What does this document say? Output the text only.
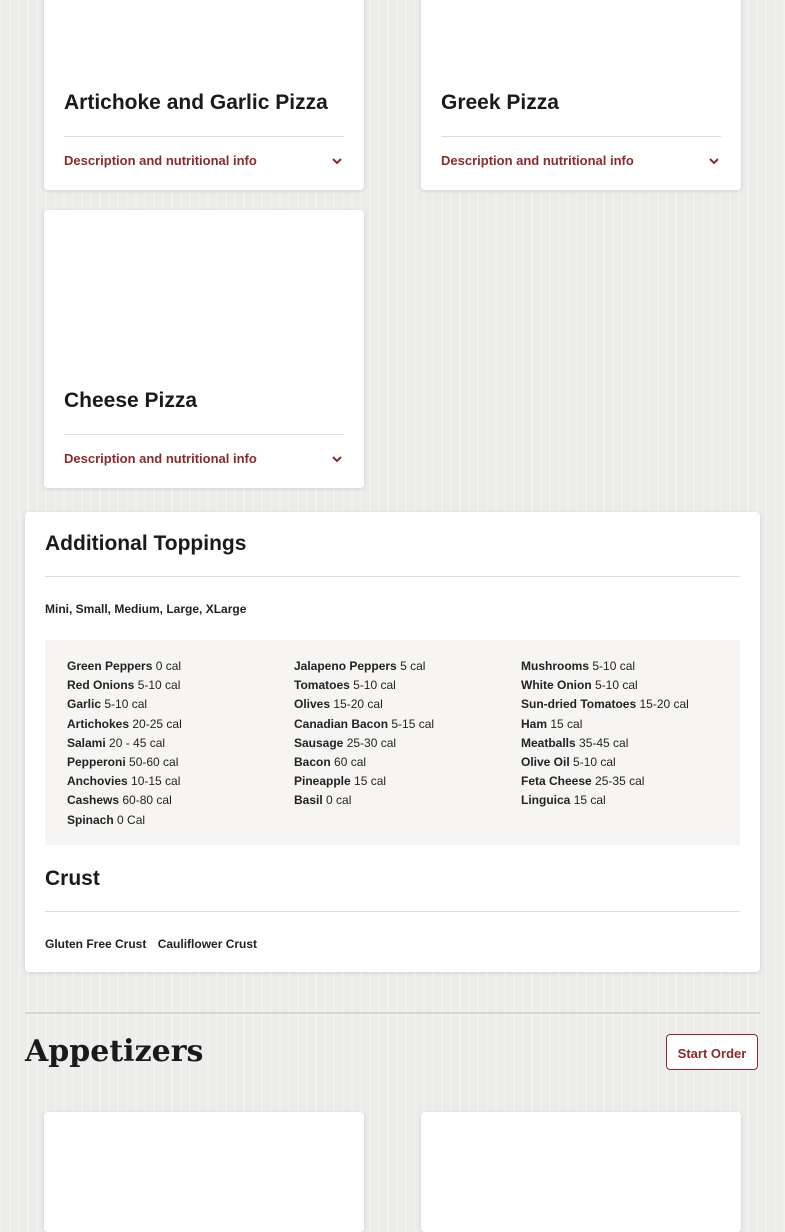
Artichoke and Garlic Pizza
Description and nutritional info
Greek Pizza
Description and nutritional info
Cheese Pizza
Description and nutritional info
Additional Toppings
Mini, Small, Medium, Large, XLarge
Green Peppers 0 cal
Red Onions 5-10 cal
Garlic 5-10 cal
Artichokes 20-25 cal
Salami 20 - 45 cal
Pepperoni 50-60 cal
Anchovies 10-15 cal
Cashews 60-80 cal
Spinach 0 Cal
Jalapeno Peppers 5 cal
Tomatoes 5-10 cal
Olives 15-20 cal
Canadian Bacon 5-15 cal
Sausage 25-30 cal
Bacon 60 cal
Pineapple 15 cal
Basil 0 cal
Mushrooms 5-10 cal
White Onion 5-10 cal
Sun-dried Tomatoes 15-20 cal
Ham 15 cal
Meatballs 35-45 cal
Olive Oil 5-10 cal
Feta Cheese 25-35 cal
Linguica 15 cal
Crust
Gluten Free Crust Cauliflower Crust
Appetizers	Start Order
